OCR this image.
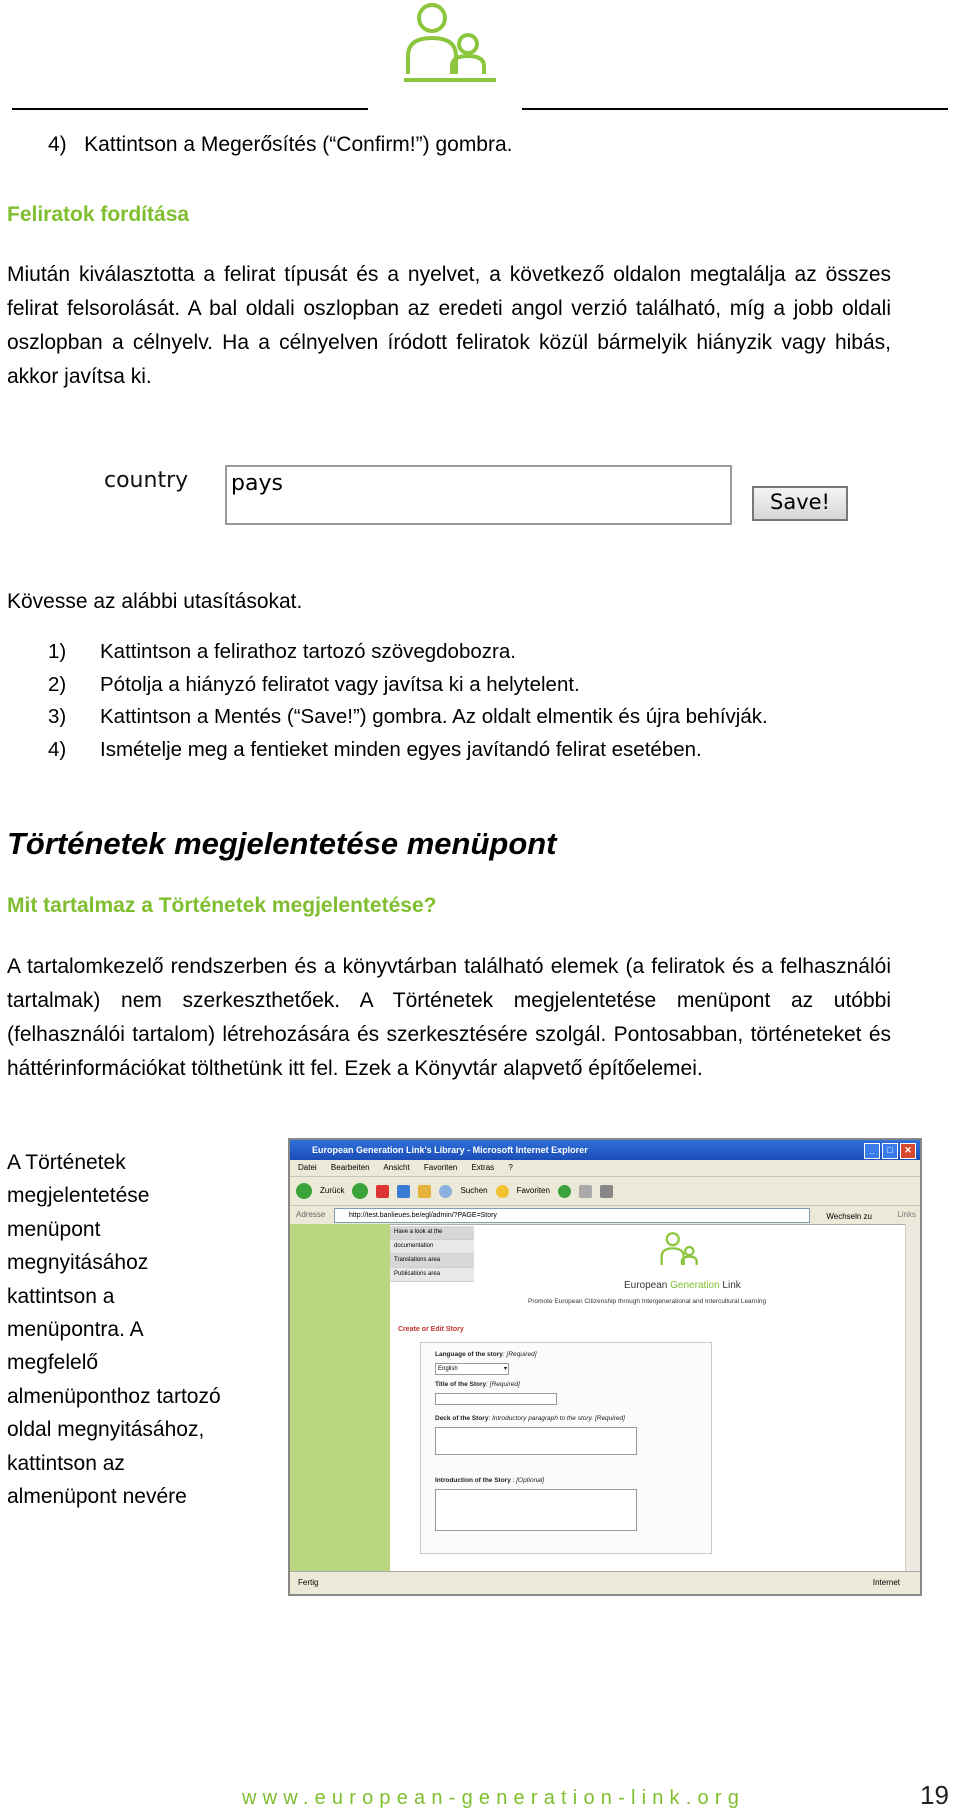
4)   Kattintson a Megerősítés (“Confirm!”) gombra.
Feliratok fordítása
Miután kiválasztotta a felirat típusát és a nyelvet, a következő oldalon megtalálja az összes felirat felsorolását. A bal oldali oszlopban az eredeti angol verzió található, míg a jobb oldali oszlopban a célnyelv. Ha a célnyelven íródott feliratok közül bármelyik hiányzik vagy hibás, akkor javítsa ki.
country pays
Save!
Kövesse az alábbi utasításokat.
1) Kattintson a felirathoz tartozó szövegdobozra.
2) Pótolja a hiányzó feliratot vagy javítsa ki a helytelent.
3) Kattintson a Mentés (“Save!”) gombra. Az oldalt elmentik és újra behívják.
4) Ismételje meg a fentieket minden egyes javítandó felirat esetében.
Történetek megjelentetése menüpont
Mit tartalmaz a Történetek megjelentetése?
A tartalomkezelő rendszerben és a könyvtárban található elemek (a feliratok és a felhasználói tartalmak) nem szerkeszthetőek. A Történetek megjelentetése menüpont az utóbbi (felhasználói tartalom) létrehozására és szerkesztésére szolgál. Pontosabban, történeteket és háttérinformációkat tölthetünk itt fel. Ezek a Könyvtár alapvető építőelemei.
A Történetek
megjelentetése
menüpont
megnyitásához
kattintson a
menüpontra. A
megfelelő
almenüponthoz tartozó
oldal megnyitásához,
kattintson az
almenüpont nevére
European Generation Link's Library - Microsoft Internet Explorer	_	□	✕
Datei Bearbeiten Ansicht Favoriten Extras ?
Zurück	Suchen	Favoriten
Adresse	http://test.banlieues.be/egl/admin/?PAGE=Story	Wechseln zu	Links
Have a look at the
documentation
Translations area
Publications area
European Generation Link
Promote European Citizenship through Intergenerational and Intercultural Learning
Create or Edit Story
Language of the story: [Required]
English	▾
Title of the Story: [Required]
Deck of the Story: Introductory paragraph to the story. [Required]
Introduction of the Story : [Optional]
Fertig	Internet
www.european-generation-link.org	19
